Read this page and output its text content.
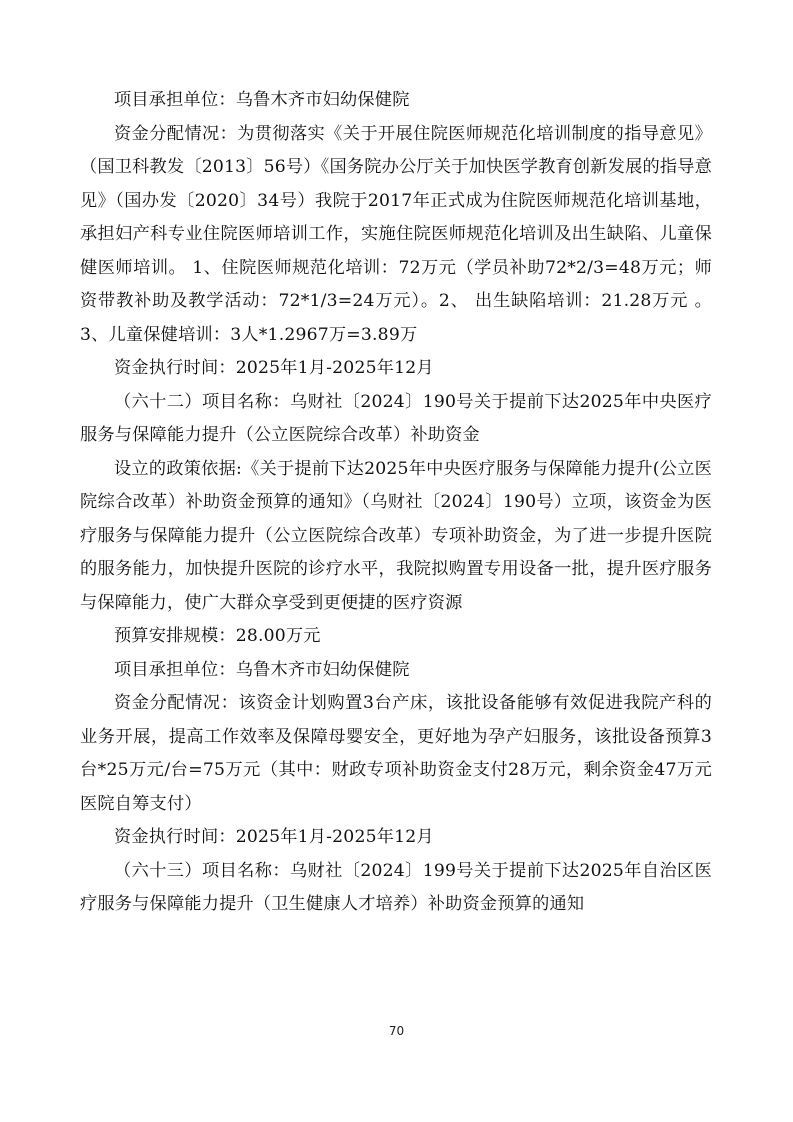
项目承担单位：乌鲁木齐市妇幼保健院

资金分配情况：为贯彻落实《关于开展住院医师规范化培训制度的指导意见》（国卫科教发〔2013〕56号）《国务院办公厅关于加快医学教育创新发展的指导意见》（国办发〔2020〕34号）我院于2017年正式成为住院医师规范化培训基地，承担妇产科专业住院医师培训工作，实施住院医师规范化培训及出生缺陷、儿童保健医师培训。 1、住院医师规范化培训：72万元（学员补助72*2/3=48万元；师资带教补助及教学活动：72*1/3=24万元）。2、 出生缺陷培训：21.28万元 。3、儿童保健培训：3人*1.2967万=3.89万

资金执行时间：2025年1月-2025年12月

（六十二）项目名称：乌财社〔2024〕190号关于提前下达2025年中央医疗服务与保障能力提升（公立医院综合改革）补助资金

设立的政策依据:《关于提前下达2025年中央医疗服务与保障能力提升(公立医院综合改革）补助资金预算的通知》（乌财社〔2024〕190号）立项，该资金为医疗服务与保障能力提升（公立医院综合改革）专项补助资金，为了进一步提升医院的服务能力，加快提升医院的诊疗水平，我院拟购置专用设备一批，提升医疗服务与保障能力，使广大群众享受到更便捷的医疗资源

预算安排规模：28.00万元

项目承担单位：乌鲁木齐市妇幼保健院

资金分配情况：该资金计划购置3台产床，该批设备能够有效促进我院产科的业务开展，提高工作效率及保障母婴安全，更好地为孕产妇服务，该批设备预算3台*25万元/台=75万元（其中：财政专项补助资金支付28万元，剩余资金47万元医院自筹支付）

资金执行时间：2025年1月-2025年12月

（六十三）项目名称：乌财社〔2024〕199号关于提前下达2025年自治区医疗服务与保障能力提升（卫生健康人才培养）补助资金预算的通知

70
